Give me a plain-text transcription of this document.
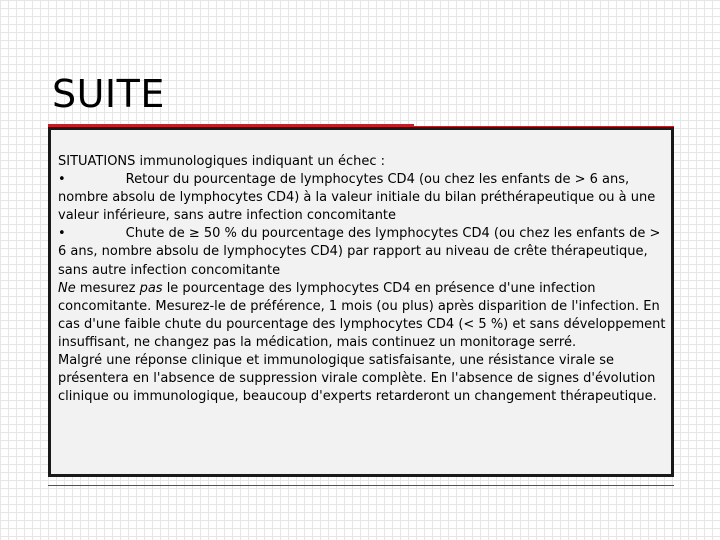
SUITE

SITUATIONS immunologiques indiquant un échec :

•	Retour du pourcentage de lymphocytes CD4 (ou chez les enfants de > 6 ans, nombre absolu de lymphocytes CD4) à la valeur initiale du bilan préthérapeutique ou à une valeur inférieure, sans autre infection concomitante

•	Chute de ≥ 50 % du pourcentage des lymphocytes CD4 (ou chez les enfants de > 6 ans, nombre absolu de lymphocytes CD4) par rapport au niveau de crête thérapeutique, sans autre infection concomitante

Ne mesurez pas le pourcentage des lymphocytes CD4 en présence d'une infection concomitante. Mesurez-le de préférence, 1 mois (ou plus) après disparition de l'infection. En cas d'une faible chute du pourcentage des lymphocytes CD4 (< 5 %) et sans développement insuffisant, ne changez pas la médication, mais continuez un monitorage serré.

Malgré une réponse clinique et immunologique satisfaisante, une résistance virale se présentera en l'absence de suppression virale complète. En l'absence de signes d'évolution clinique ou immunologique, beaucoup d'experts retarderont un changement thérapeutique.
